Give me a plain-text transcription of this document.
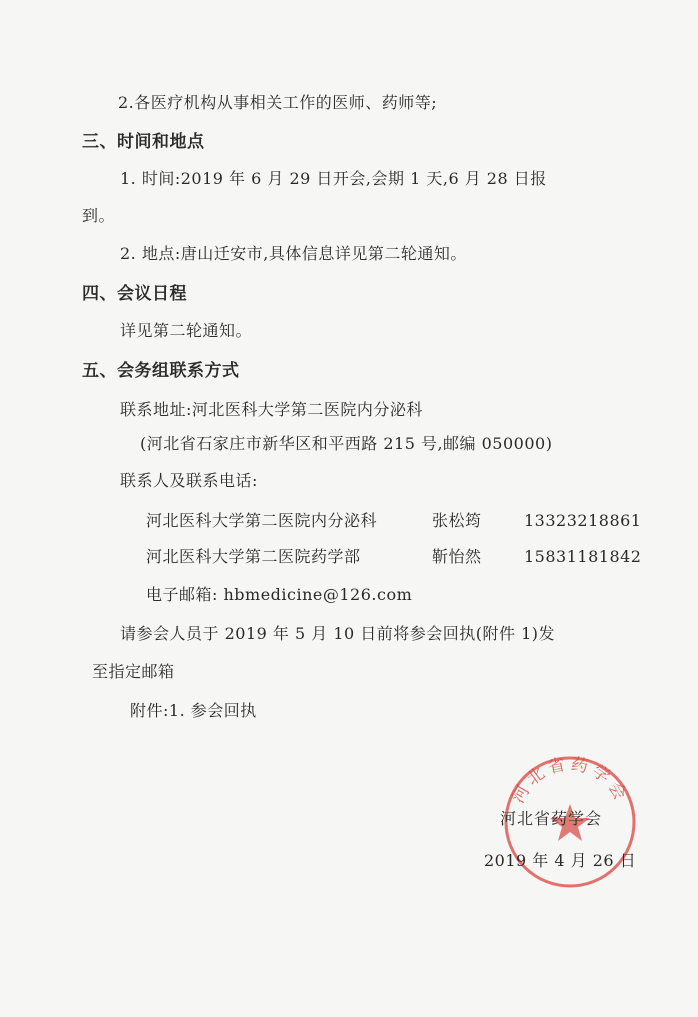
2.各医疗机构从事相关工作的医师、药师等;
三、时间和地点
1. 时间:2019 年 6 月 29 日开会,会期 1 天,6 月 28 日报
到。
2. 地点:唐山迁安市,具体信息详见第二轮通知。
四、会议日程
详见第二轮通知。
五、会务组联系方式
联系地址:河北医科大学第二医院内分泌科
(河北省石家庄市新华区和平西路 215 号,邮编 050000)
联系人及联系电话:
河北医科大学第二医院内分泌科	张松筠	13323218861
河北医科大学第二医院药学部	靳怡然	15831181842
电子邮箱: hbmedicine@126.com
请参会人员于 2019 年 5 月 10 日前将参会回执(附件 1)发
至指定邮箱
附件:1. 参会回执
河北省药学会
河北省药学会
2019 年 4 月 26 日
